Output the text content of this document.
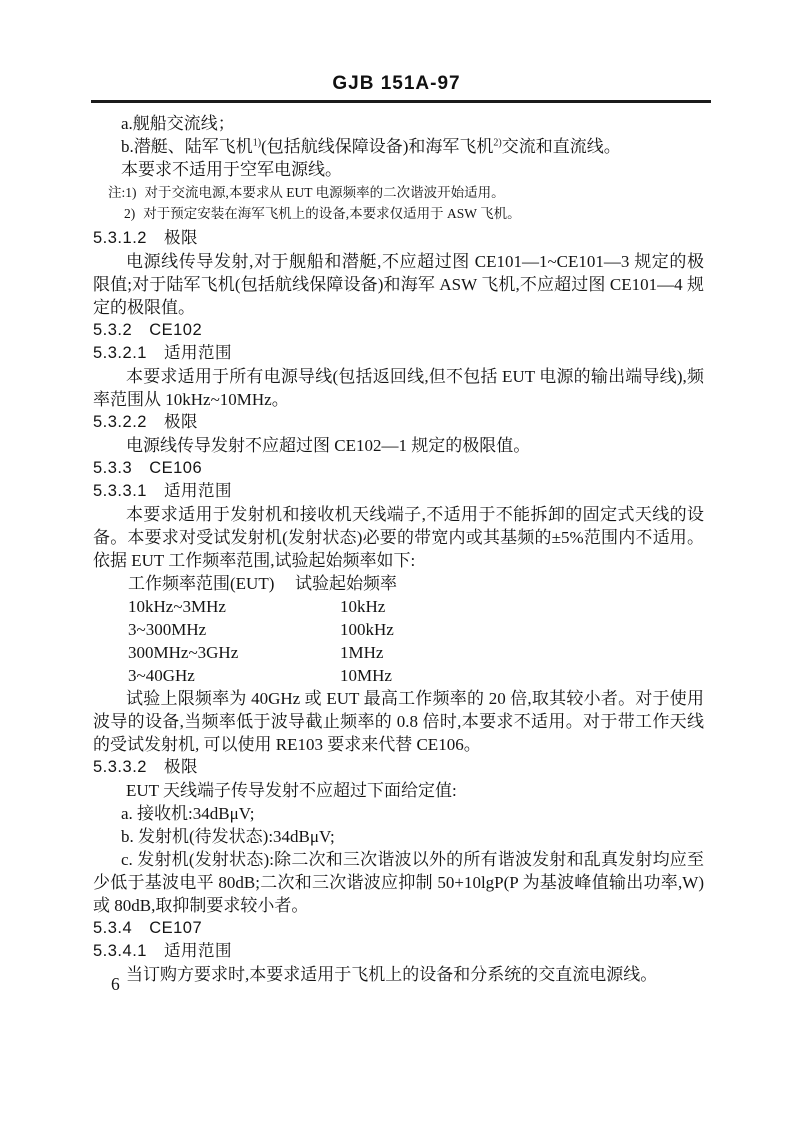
GJB 151A-97

a.舰船交流线；

b.潜艇、陆军飞机$^{1)}$(包括航线保障设备)和海军飞机$^{2)}$交流和直流线。

本要求不适用于空军电源线。

注:1) 对于交流电源,本要求从 EUT 电源频率的二次谐波开始适用。
2) 对于预定安装在海军飞机上的设备,本要求仅适用于 ASW 飞机。

5.3.1.2　极限

电源线传导发射,对于舰船和潜艇,不应超过图 CE101—1~CE101—3 规定的极限值;对于陆军飞机(包括航线保障设备)和海军 ASW 飞机,不应超过图 CE101—4 规定的极限值。

5.3.2　CE102

5.3.2.1　适用范围

本要求适用于所有电源导线(包括返回线,但不包括 EUT 电源的输出端导线),频率范围从 10kHz~10MHz。

5.3.2.2　极限

电源线传导发射不应超过图 CE102—1 规定的极限值。

5.3.3　CE106

5.3.3.1　适用范围

本要求适用于发射机和接收机天线端子,不适用于不能拆卸的固定式天线的设备。本要求对受试发射机(发射状态)必要的带宽内或其基频的±5%范围内不适用。依据 EUT 工作频率范围,试验起始频率如下:

工作频率范围(EUT)	试验起始频率
10kHz~3MHz	10kHz
3~300MHz	100kHz
300MHz~3GHz	1MHz
3~40GHz	10MHz

试验上限频率为 40GHz 或 EUT 最高工作频率的 20 倍,取其较小者。对于使用波导的设备,当频率低于波导截止频率的 0.8 倍时,本要求不适用。对于带工作天线的受试发射机, 可以使用 RE103 要求来代替 CE106。

5.3.3.2　极限

EUT 天线端子传导发射不应超过下面给定值:

a. 接收机:34dBμV;

b. 发射机(待发状态):34dBμV;

c. 发射机(发射状态):除二次和三次谐波以外的所有谐波发射和乱真发射均应至少低于基波电平 80dB;二次和三次谐波应抑制 50+10lgP(P 为基波峰值输出功率,W)或 80dB,取抑制要求较小者。

5.3.4　CE107

5.3.4.1　适用范围

当订购方要求时,本要求适用于飞机上的设备和分系统的交直流电源线。

6
